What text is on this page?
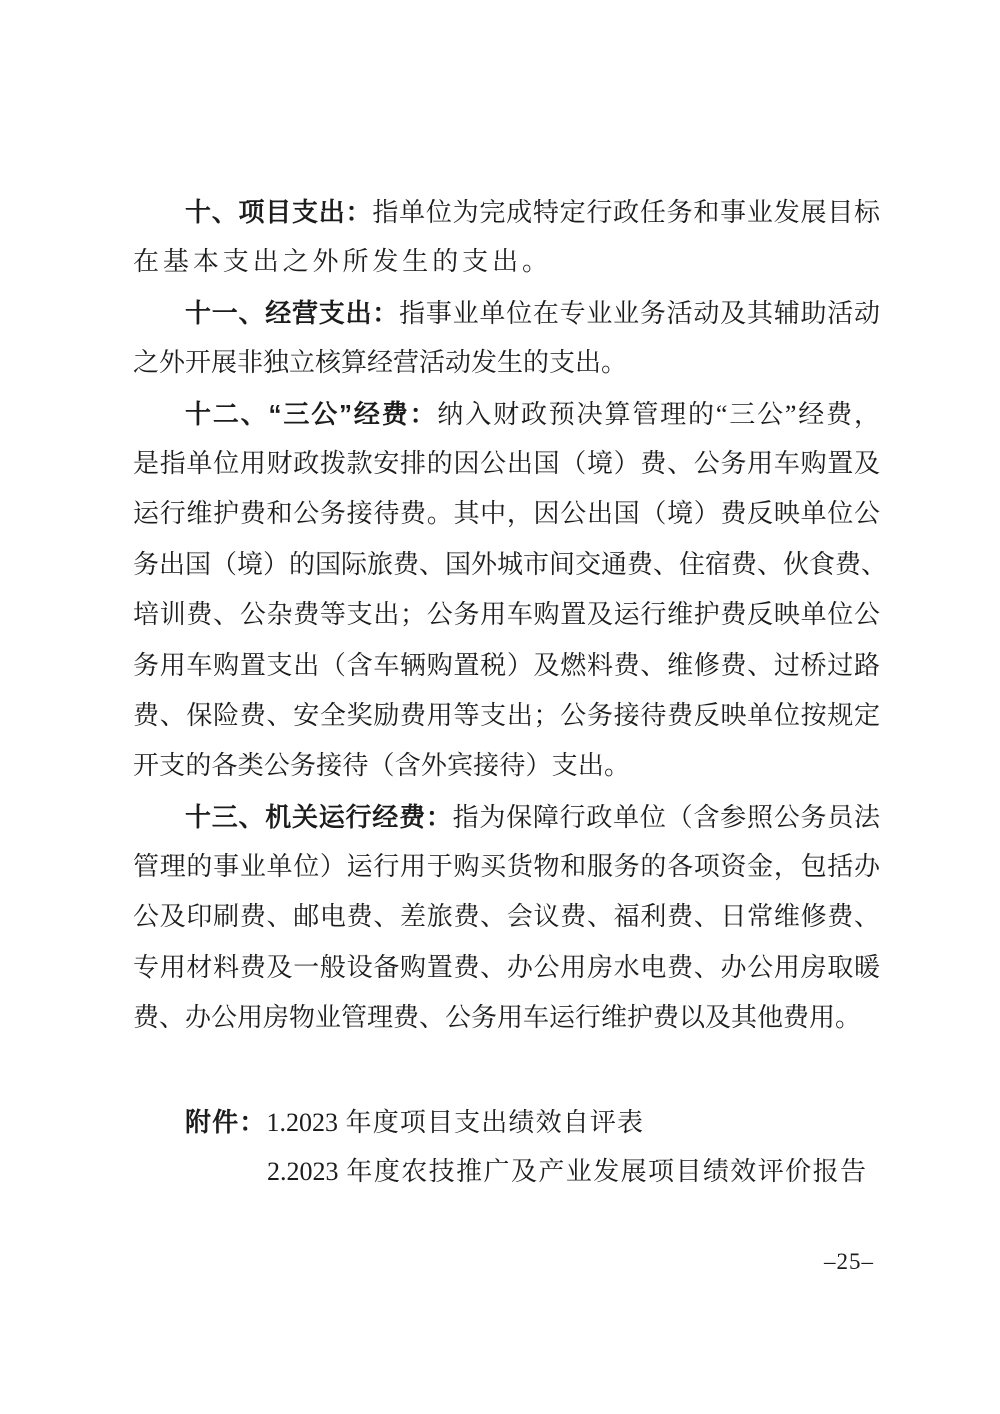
十、项目支出：指单位为完成特定行政任务和事业发展目标
在基本支出之外所发生的支出。
十一、经营支出：指事业单位在专业业务活动及其辅助活动
之外开展非独立核算经营活动发生的支出。
十二、“三公”经费：纳入财政预决算管理的“三公”经费，
是指单位用财政拨款安排的因公出国（境）费、公务用车购置及
运行维护费和公务接待费。其中，因公出国（境）费反映单位公
务出国（境）的国际旅费、国外城市间交通费、住宿费、伙食费、
培训费、公杂费等支出；公务用车购置及运行维护费反映单位公
务用车购置支出（含车辆购置税）及燃料费、维修费、过桥过路
费、保险费、安全奖励费用等支出；公务接待费反映单位按规定
开支的各类公务接待（含外宾接待）支出。
十三、机关运行经费：指为保障行政单位（含参照公务员法
管理的事业单位）运行用于购买货物和服务的各项资金，包括办
公及印刷费、邮电费、差旅费、会议费、福利费、日常维修费、
专用材料费及一般设备购置费、办公用房水电费、办公用房取暖
费、办公用房物业管理费、公务用车运行维护费以及其他费用。
附件：1.2023 年度项目支出绩效自评表
2.2023 年度农技推广及产业发展项目绩效评价报告
–25–
